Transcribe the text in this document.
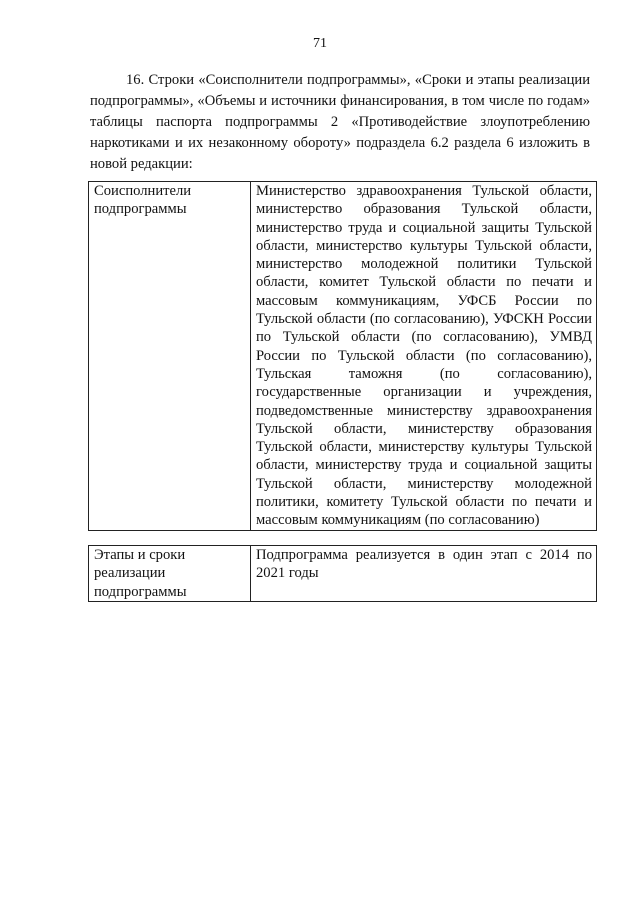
71

16. Строки «Соисполнители подпрограммы», «Сроки и этапы реализации подпрограммы», «Объемы и источники финансирования, в том числе по годам» таблицы паспорта подпрограммы 2 «Противодействие злоупотреблению наркотиками и их незаконному обороту» подраздела 6.2 раздела 6 изложить в новой редакции:

Соисполнители подпрограммы	Министерство здравоохранения Тульской области, министерство образования Тульской области, министерство труда и социальной защиты Тульской области, министерство культуры Тульской области, министерство молодежной политики Тульской области, комитет Тульской области по печати и массовым коммуникациям, УФСБ России по Тульской области (по согласованию), УФСКН России по Тульской области (по согласованию), УМВД России по Тульской области (по согласованию), Тульская таможня (по согласованию), государственные организации и учреждения, подведомственные министерству здравоохранения Тульской области, министерству образования Тульской области, министерству культуры Тульской области, министерству труда и социальной защиты Тульской области, министерству молодежной политики, комитету Тульской области по печати и массовым коммуникациям (по согласованию)
Этапы и сроки реализации подпрограммы	Подпрограмма реализуется в один этап с 2014 по 2021 годы
